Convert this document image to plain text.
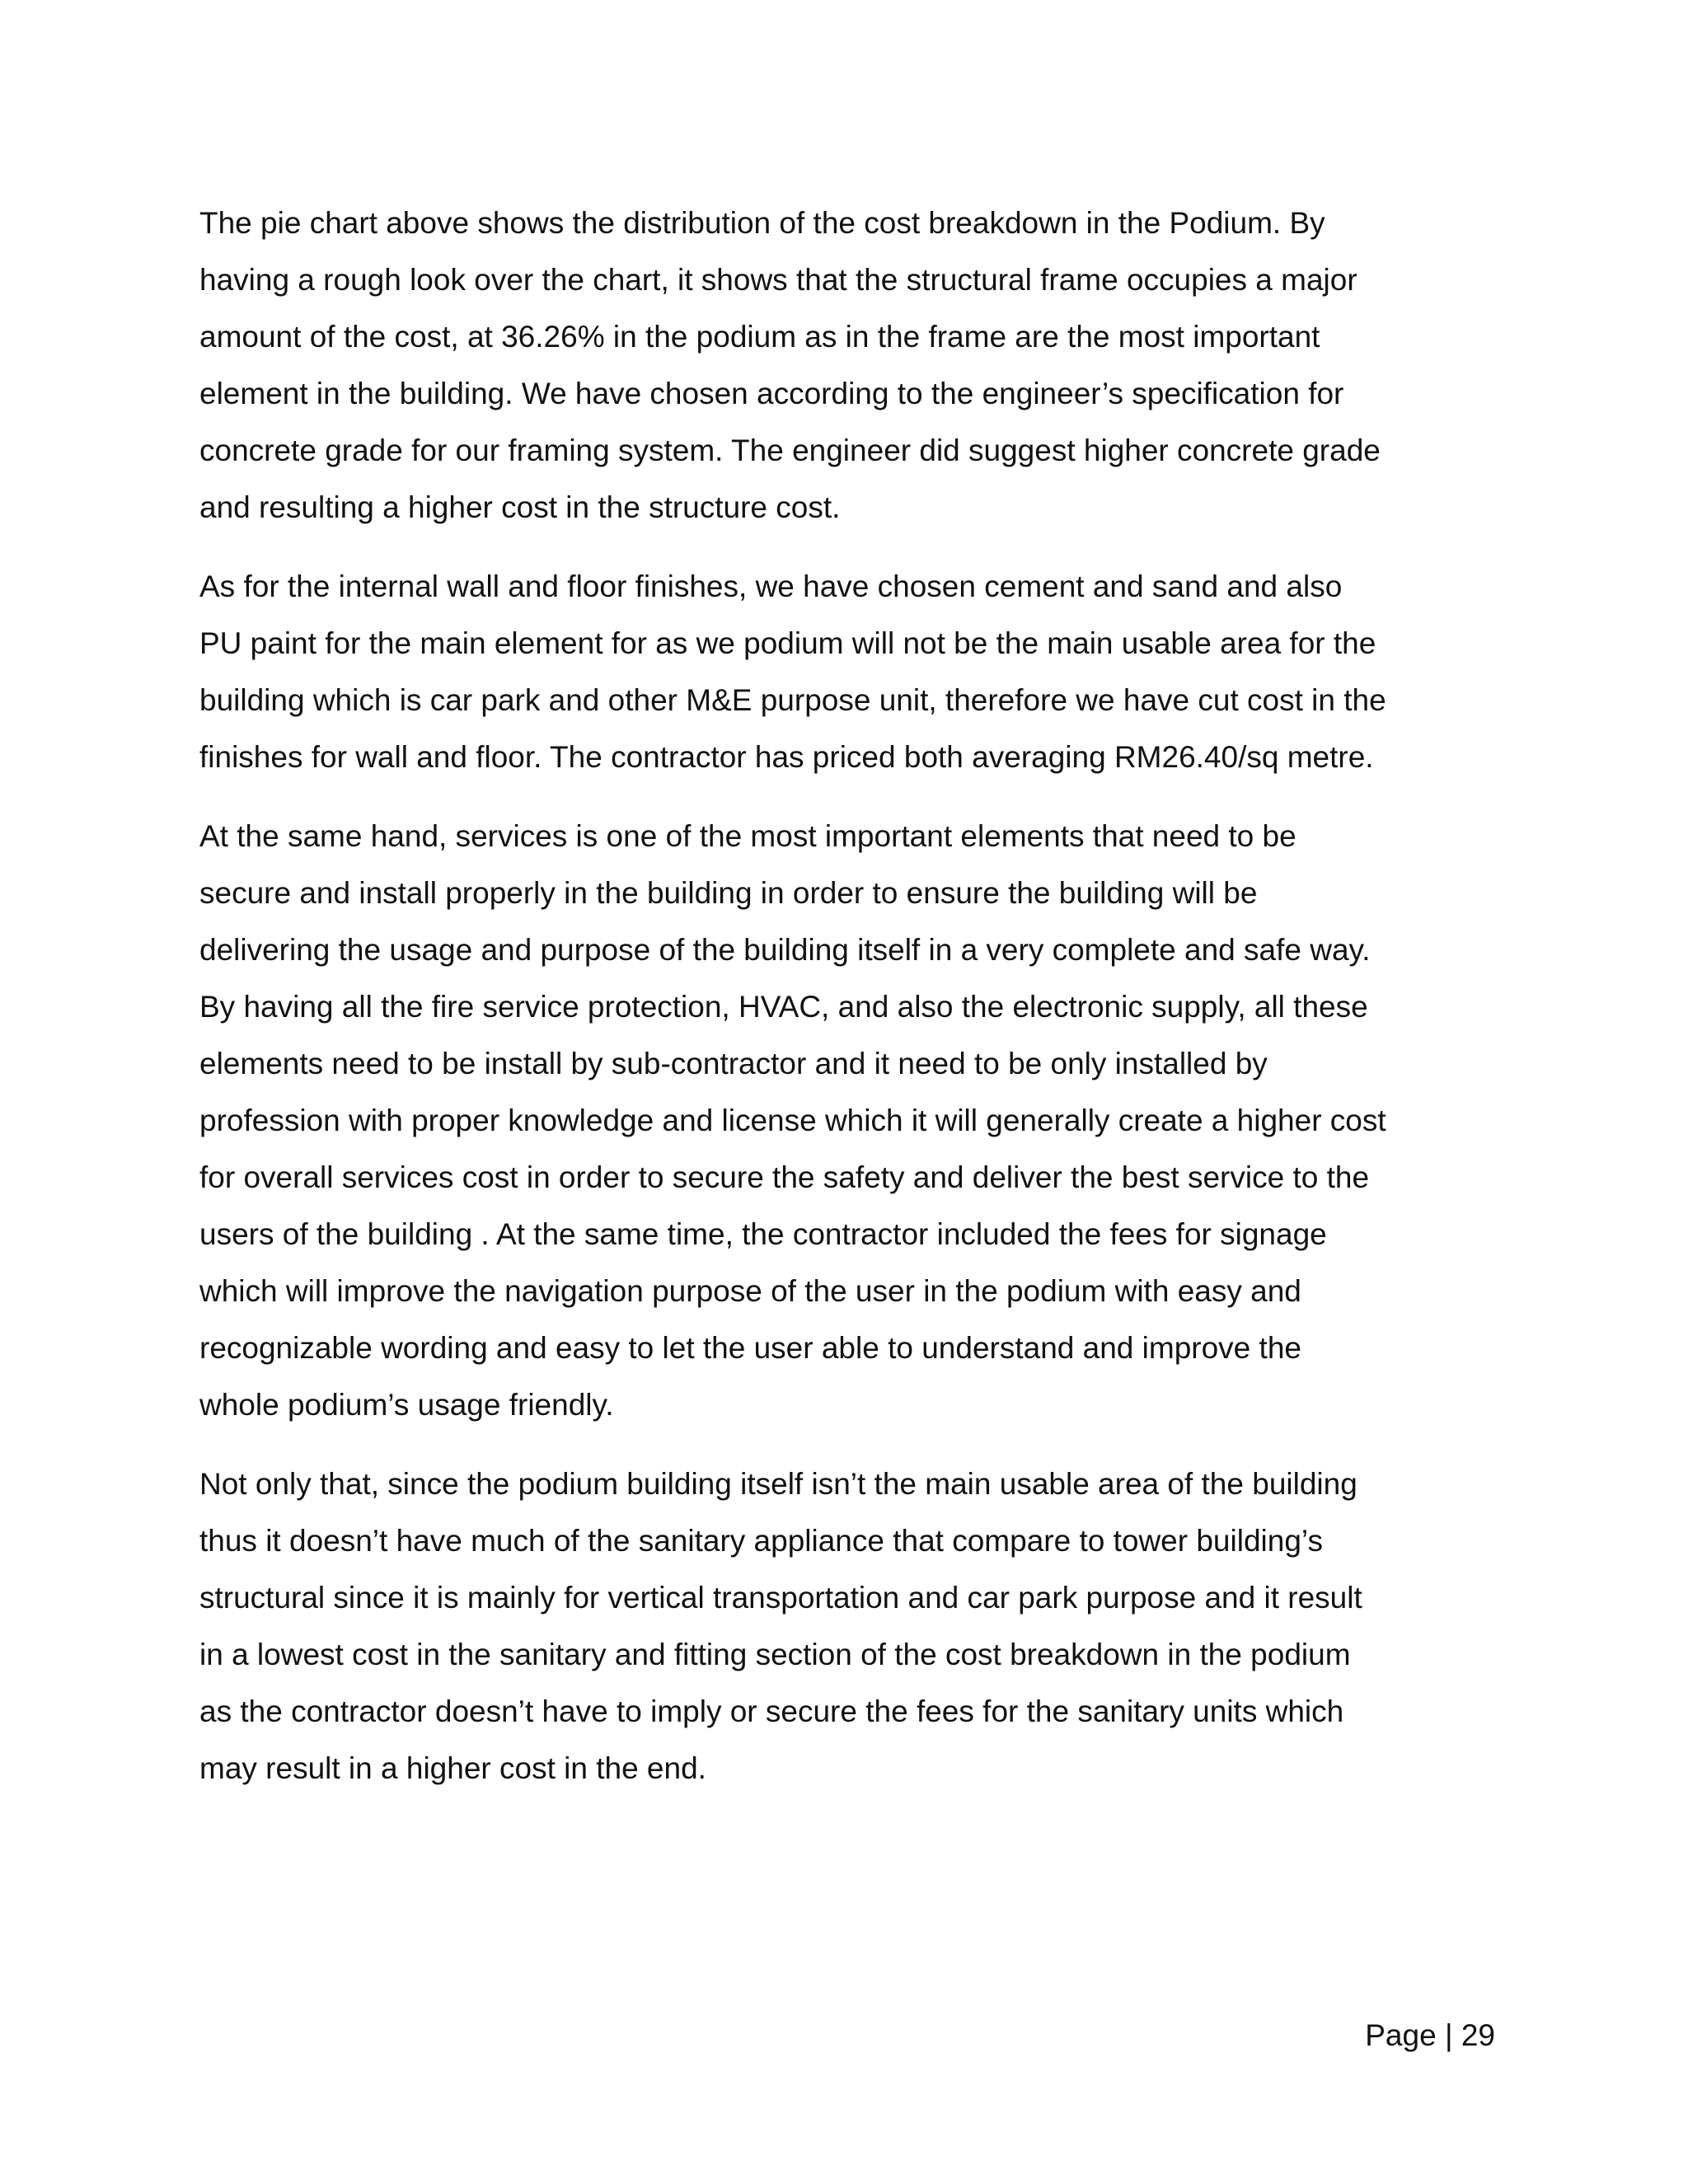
The pie chart above shows the distribution of the cost breakdown in the Podium. By
having a rough look over the chart, it shows that the structural frame occupies a major
amount of the cost, at 36.26% in the podium as in the frame are the most important
element in the building. We have chosen according to the engineer’s specification for
concrete grade for our framing system. The engineer did suggest higher concrete grade
and resulting a higher cost in the structure cost.

As for the internal wall and floor finishes, we have chosen cement and sand and also
PU paint for the main element for as we podium will not be the main usable area for the
building which is car park and other M&E purpose unit, therefore we have cut cost in the
finishes for wall and floor. The contractor has priced both averaging RM26.40/sq metre.

At the same hand, services is one of the most important elements that need to be
secure and install properly in the building in order to ensure the building will be
delivering the usage and purpose of the building itself in a very complete and safe way.
By having all the fire service protection, HVAC, and also the electronic supply, all these
elements need to be install by sub-contractor and it need to be only installed by
profession with proper knowledge and license which it will generally create a higher cost
for overall services cost in order to secure the safety and deliver the best service to the
users of the building . At the same time, the contractor included the fees for signage
which will improve the navigation purpose of the user in the podium with easy and
recognizable wording and easy to let the user able to understand and improve the
whole podium’s usage friendly.

Not only that, since the podium building itself isn’t the main usable area of the building
thus it doesn’t have much of the sanitary appliance that compare to tower building’s
structural since it is mainly for vertical transportation and car park purpose and it result
in a lowest cost in the sanitary and fitting section of the cost breakdown in the podium
as the contractor doesn’t have to imply or secure the fees for the sanitary units which
may result in a higher cost in the end.

Page | 29
